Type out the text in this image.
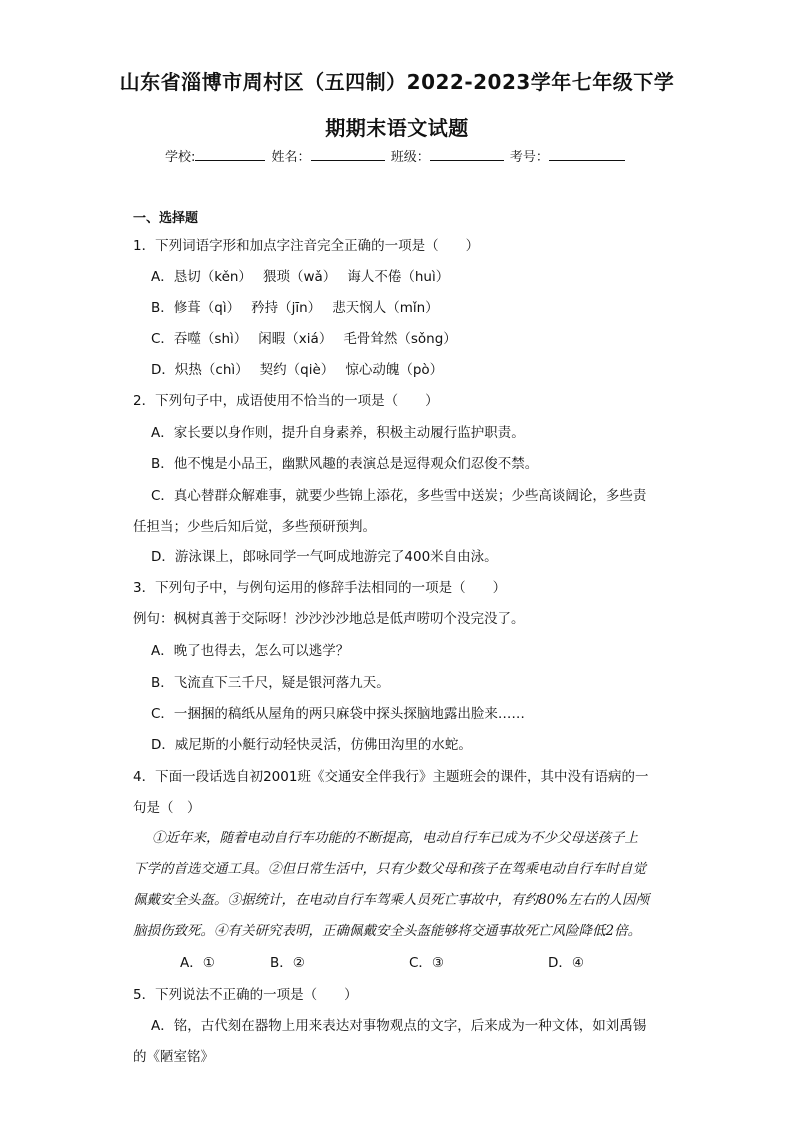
山东省淄博市周村区（五四制）2022-2023学年七年级下学
期期末语文试题
学校:	姓名：	班级：	考号：
一、选择题
1．下列词语字形和加点字注音完全正确的一项是（　　）
A．恳切（kěn）　 猥琐（wǎ）　 诲人不倦（huì）
B．修葺（qì）　 矜持（jīn）　 悲天悯人（mǐn）
C．吞噬（shì）　 闲暇（xiá）　 毛骨耸然（sǒng）
D．炽热（chì）　 契约（qiè）　 惊心动魄（pò）
2．下列句子中，成语使用不恰当的一项是（　　）
A．家长要以身作则，提升自身素养，积极主动履行监护职责。
B．他不愧是小品王，幽默风趣的表演总是逗得观众们忍俊不禁。
C．真心替群众解难事，就要少些锦上添花，多些雪中送炭；少些高谈阔论，多些责
任担当；少些后知后觉，多些预研预判。
D．游泳课上，郎咏同学一气呵成地游完了400米自由泳。
3．下列句子中，与例句运用的修辞手法相同的一项是（　　）
例句：枫树真善于交际呀！沙沙沙沙地总是低声唠叨个没完没了。
A．晚了也得去，怎么可以逃学？
B．飞流直下三千尺，疑是银河落九天。
C．一捆捆的稿纸从屋角的两只麻袋中探头探脑地露出脸来……
D．威尼斯的小艇行动轻快灵活，仿佛田沟里的水蛇。
4．下面一段话选自初2001班《交通安全伴我行》主题班会的课件，其中没有语病的一
句是（　）
①近年来，随着电动自行车功能的不断提高，电动自行车已成为不少父母送孩子上
下学的首选交通工具。②但日常生活中，只有少数父母和孩子在驾乘电动自行车时自觉
佩戴安全头盔。③据统计，在电动自行车驾乘人员死亡事故中，有约80%左右的人因颅
脑损伤致死。④有关研究表明，正确佩戴安全头盔能够将交通事故死亡风险降低2倍。
A．①	B．②	C．③	D．④
5．下列说法不正确的一项是（　　）
A．铭，古代刻在器物上用来表达对事物观点的文字，后来成为一种文体，如刘禹锡
的《陋室铭》
